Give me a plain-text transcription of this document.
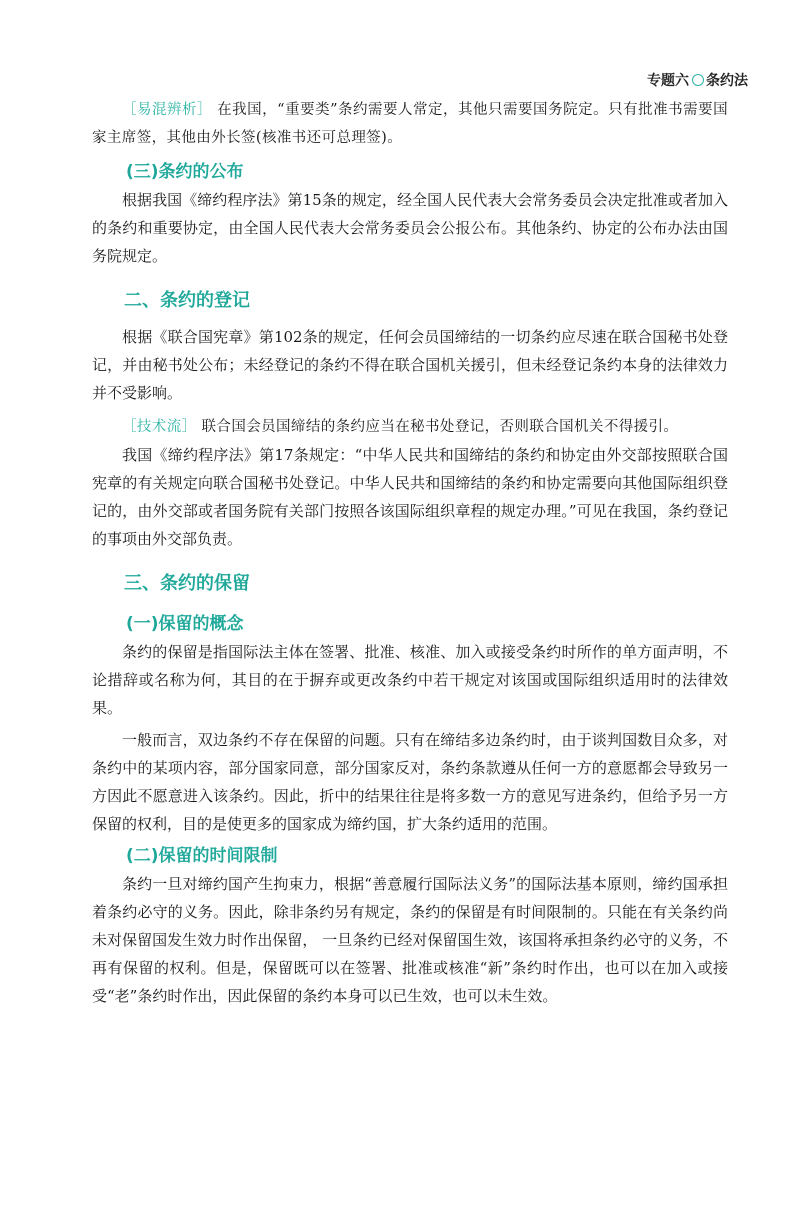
专题六 条约法

［易混辨析］ 在我国，“重要类”条约需要人常定，其他只需要国务院定。只有批准书需要国家主席签，其他由外长签(核准书还可总理签)。

(三)条约的公布

根据我国《缔约程序法》第15条的规定，经全国人民代表大会常务委员会决定批准或者加入的条约和重要协定，由全国人民代表大会常务委员会公报公布。其他条约、协定的公布办法由国务院规定。

二、条约的登记

根据《联合国宪章》第102条的规定，任何会员国缔结的一切条约应尽速在联合国秘书处登记，并由秘书处公布；未经登记的条约不得在联合国机关援引，但未经登记条约本身的法律效力并不受影响。

［技术流］ 联合国会员国缔结的条约应当在秘书处登记，否则联合国机关不得援引。

我国《缔约程序法》第17条规定：“中华人民共和国缔结的条约和协定由外交部按照联合国宪章的有关规定向联合国秘书处登记。中华人民共和国缔结的条约和协定需要向其他国际组织登记的，由外交部或者国务院有关部门按照各该国际组织章程的规定办理。”可见在我国，条约登记的事项由外交部负责。

三、条约的保留
(一)保留的概念

条约的保留是指国际法主体在签署、批准、核准、加入或接受条约时所作的单方面声明，不论措辞或名称为何，其目的在于摒弃或更改条约中若干规定对该国或国际组织适用时的法律效果。

一般而言，双边条约不存在保留的问题。只有在缔结多边条约时，由于谈判国数目众多，对条约中的某项内容，部分国家同意，部分国家反对，条约条款遵从任何一方的意愿都会导致另一方因此不愿意进入该条约。因此，折中的结果往往是将多数一方的意见写进条约，但给予另一方保留的权利，目的是使更多的国家成为缔约国，扩大条约适用的范围。

(二)保留的时间限制

条约一旦对缔约国产生拘束力，根据“善意履行国际法义务”的国际法基本原则，缔约国承担着条约必守的义务。因此，除非条约另有规定，条约的保留是有时间限制的。只能在有关条约尚未对保留国发生效力时作出保留， 一旦条约已经对保留国生效，该国将承担条约必守的义务，不再有保留的权利。但是，保留既可以在签署、批准或核准“新”条约时作出，也可以在加入或接受“老”条约时作出，因此保留的条约本身可以已生效，也可以未生效。
